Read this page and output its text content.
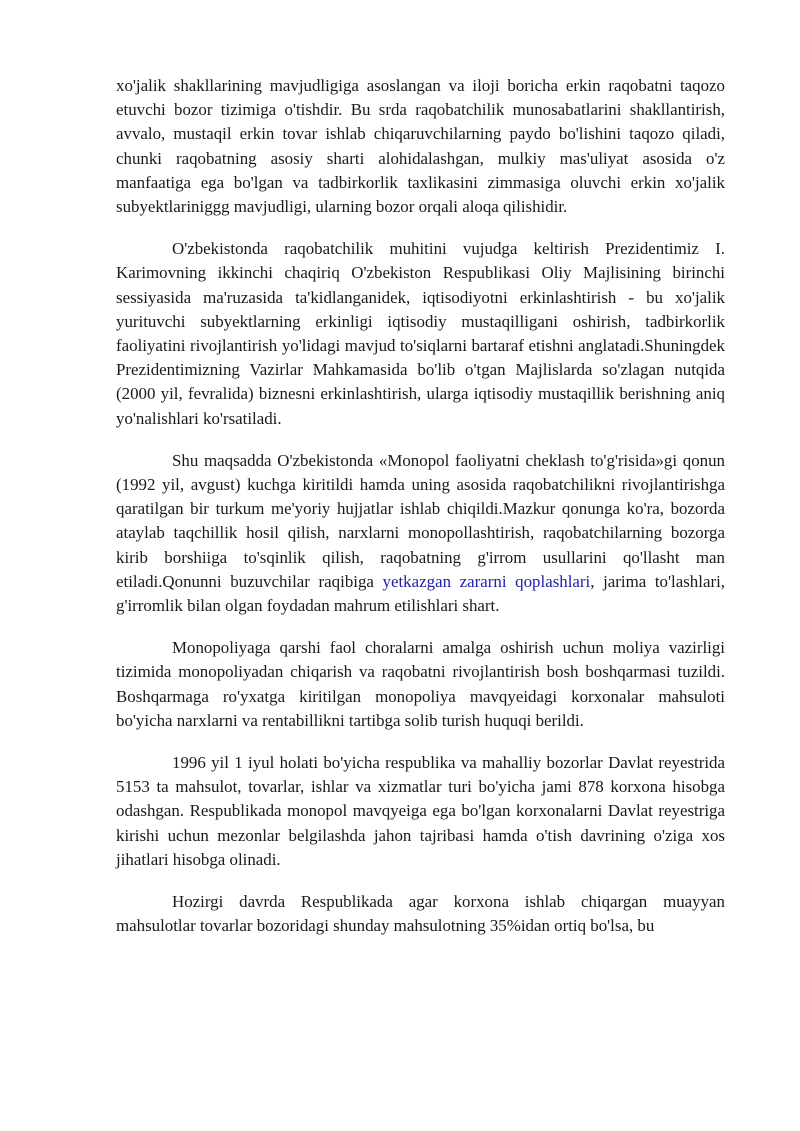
xo'jalik shakllarining mavjudligiga asoslangan va iloji boricha erkin raqobatni taqozo etuvchi bozor tizimiga o'tishdir. Bu srda raqobatchilik munosabatlarini shakllantirish, avvalo, mustaqil erkin tovar ishlab chiqaruvchilarning paydo bo'lishini taqozo qiladi, chunki raqobatning asosiy sharti alohidalashgan, mulkiy mas'uliyat asosida o'z manfaatiga ega bo'lgan va tadbirkorlik taxlikasini zimmasiga oluvchi erkin xo'jalik subyektlariniggg mavjudligi, ularning bozor orqali aloqa qilishidir.

O'zbekistonda raqobatchilik muhitini vujudga keltirish Prezidentimiz I. Karimovning ikkinchi chaqiriq O'zbekiston Respublikasi Oliy Majlisining birinchi sessiyasida ma'ruzasida ta'kidlanganidek, iqtisodiyotni erkinlashtirish - bu xo'jalik yurituvchi subyektlarning erkinligi iqtisodiy mustaqilligani oshirish, tadbirkorlik faoliyatini rivojlantirish yo'lidagi mavjud to'siqlarni bartaraf etishni anglatadi.Shuningdek Prezidentimizning Vazirlar Mahkamasida bo'lib o'tgan Majlislarda so'zlagan nutqida (2000 yil, fevralida) biznesni erkinlashtirish, ularga iqtisodiy mustaqillik berishning aniq yo'nalishlari ko'rsatiladi.

Shu maqsadda O'zbekistonda «Monopol faoliyatni cheklash to'g'risida»gi qonun (1992 yil, avgust) kuchga kiritildi hamda uning asosida raqobatchilikni rivojlantirishga qaratilgan bir turkum me'yoriy hujjatlar ishlab chiqildi.Mazkur qonunga ko'ra, bozorda ataylab taqchillik hosil qilish, narxlarni monopollashtirish, raqobatchilarning bozorga kirib borshiiga to'sqinlik qilish, raqobatning g'irrom usullarini qo'llasht man etiladi.Qonunni buzuvchilar raqibiga yetkazgan zararni qoplashlari, jarima to'lashlari, g'irromlik bilan olgan foydadan mahrum etilishlari shart.

Monopoliyaga qarshi faol choralarni amalga oshirish uchun moliya vazirligi tizimida monopoliyadan chiqarish va raqobatni rivojlantirish bosh boshqarmasi tuzildi. Boshqarmaga ro'yxatga kiritilgan monopoliya mavqyeidagi korxonalar mahsuloti bo'yicha narxlarni va rentabillikni tartibga solib turish huquqi berildi.

1996 yil 1 iyul holati bo'yicha respublika va mahalliy bozorlar Davlat reyestrida 5153 ta mahsulot, tovarlar, ishlar va xizmatlar turi bo'yicha jami 878 korxona hisobga odashgan. Respublikada monopol mavqyeiga ega bo'lgan korxonalarni Davlat reyestriga kirishi uchun mezonlar belgilashda jahon tajribasi hamda o'tish davrining o'ziga xos jihatlari hisobga olinadi.

Hozirgi davrda Respublikada agar korxona ishlab chiqargan muayyan mahsulotlar tovarlar bozoridagi shunday mahsulotning 35%idan ortiq bo'lsa, bu
